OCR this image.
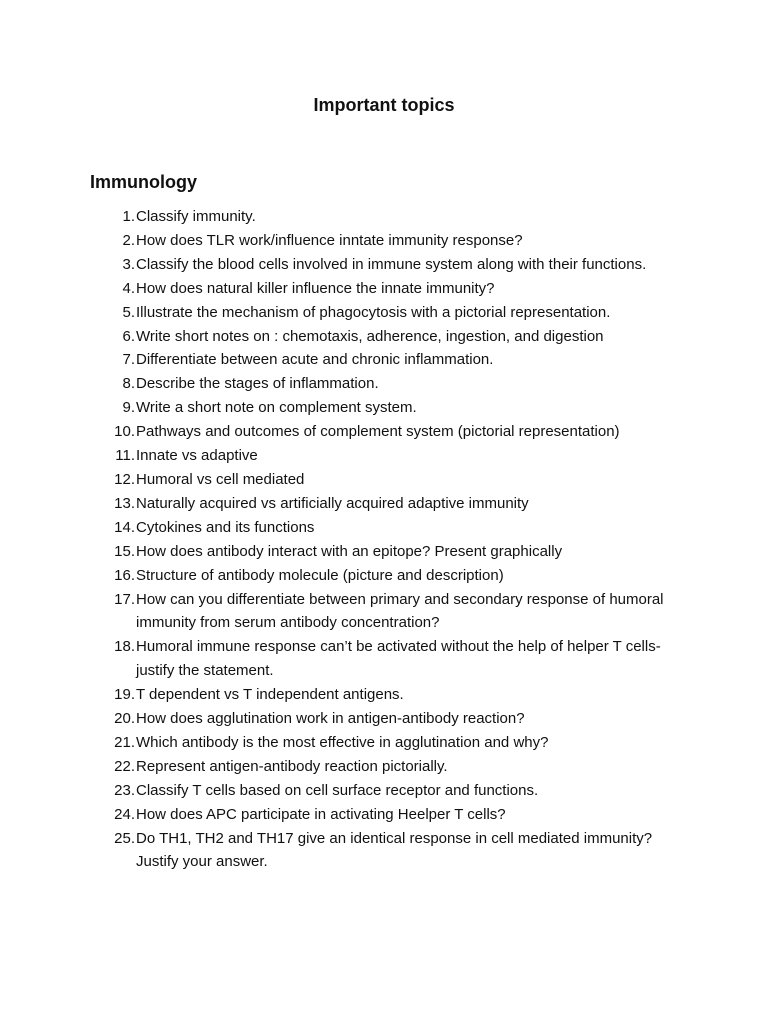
Important topics
Immunology
1. Classify immunity.
2. How does TLR work/influence inntate immunity response?
3. Classify the blood cells involved in immune system along with their functions.
4. How does natural killer influence the innate immunity?
5. Illustrate the mechanism of phagocytosis with a pictorial representation.
6. Write short notes on : chemotaxis, adherence, ingestion, and digestion
7. Differentiate between acute and chronic inflammation.
8. Describe the stages of inflammation.
9. Write a short note on complement system.
10. Pathways and outcomes of complement system (pictorial representation)
11. Innate vs adaptive
12. Humoral vs cell mediated
13. Naturally acquired vs artificially acquired adaptive immunity
14. Cytokines and its functions
15. How does antibody interact with an epitope? Present graphically
16. Structure of antibody molecule (picture and description)
17. How can you differentiate between primary and secondary response of humoral immunity from serum antibody concentration?
18. Humoral immune response can’t be activated without the help of helper T cells- justify the statement.
19. T dependent vs T independent antigens.
20. How does agglutination work in antigen-antibody reaction?
21. Which antibody is the most effective in agglutination and why?
22. Represent antigen-antibody reaction pictorially.
23. Classify T cells based on cell surface receptor and functions.
24. How does APC participate in activating Heelper T cells?
25. Do TH1, TH2 and TH17 give an identical response in cell mediated immunity? Justify your answer.
